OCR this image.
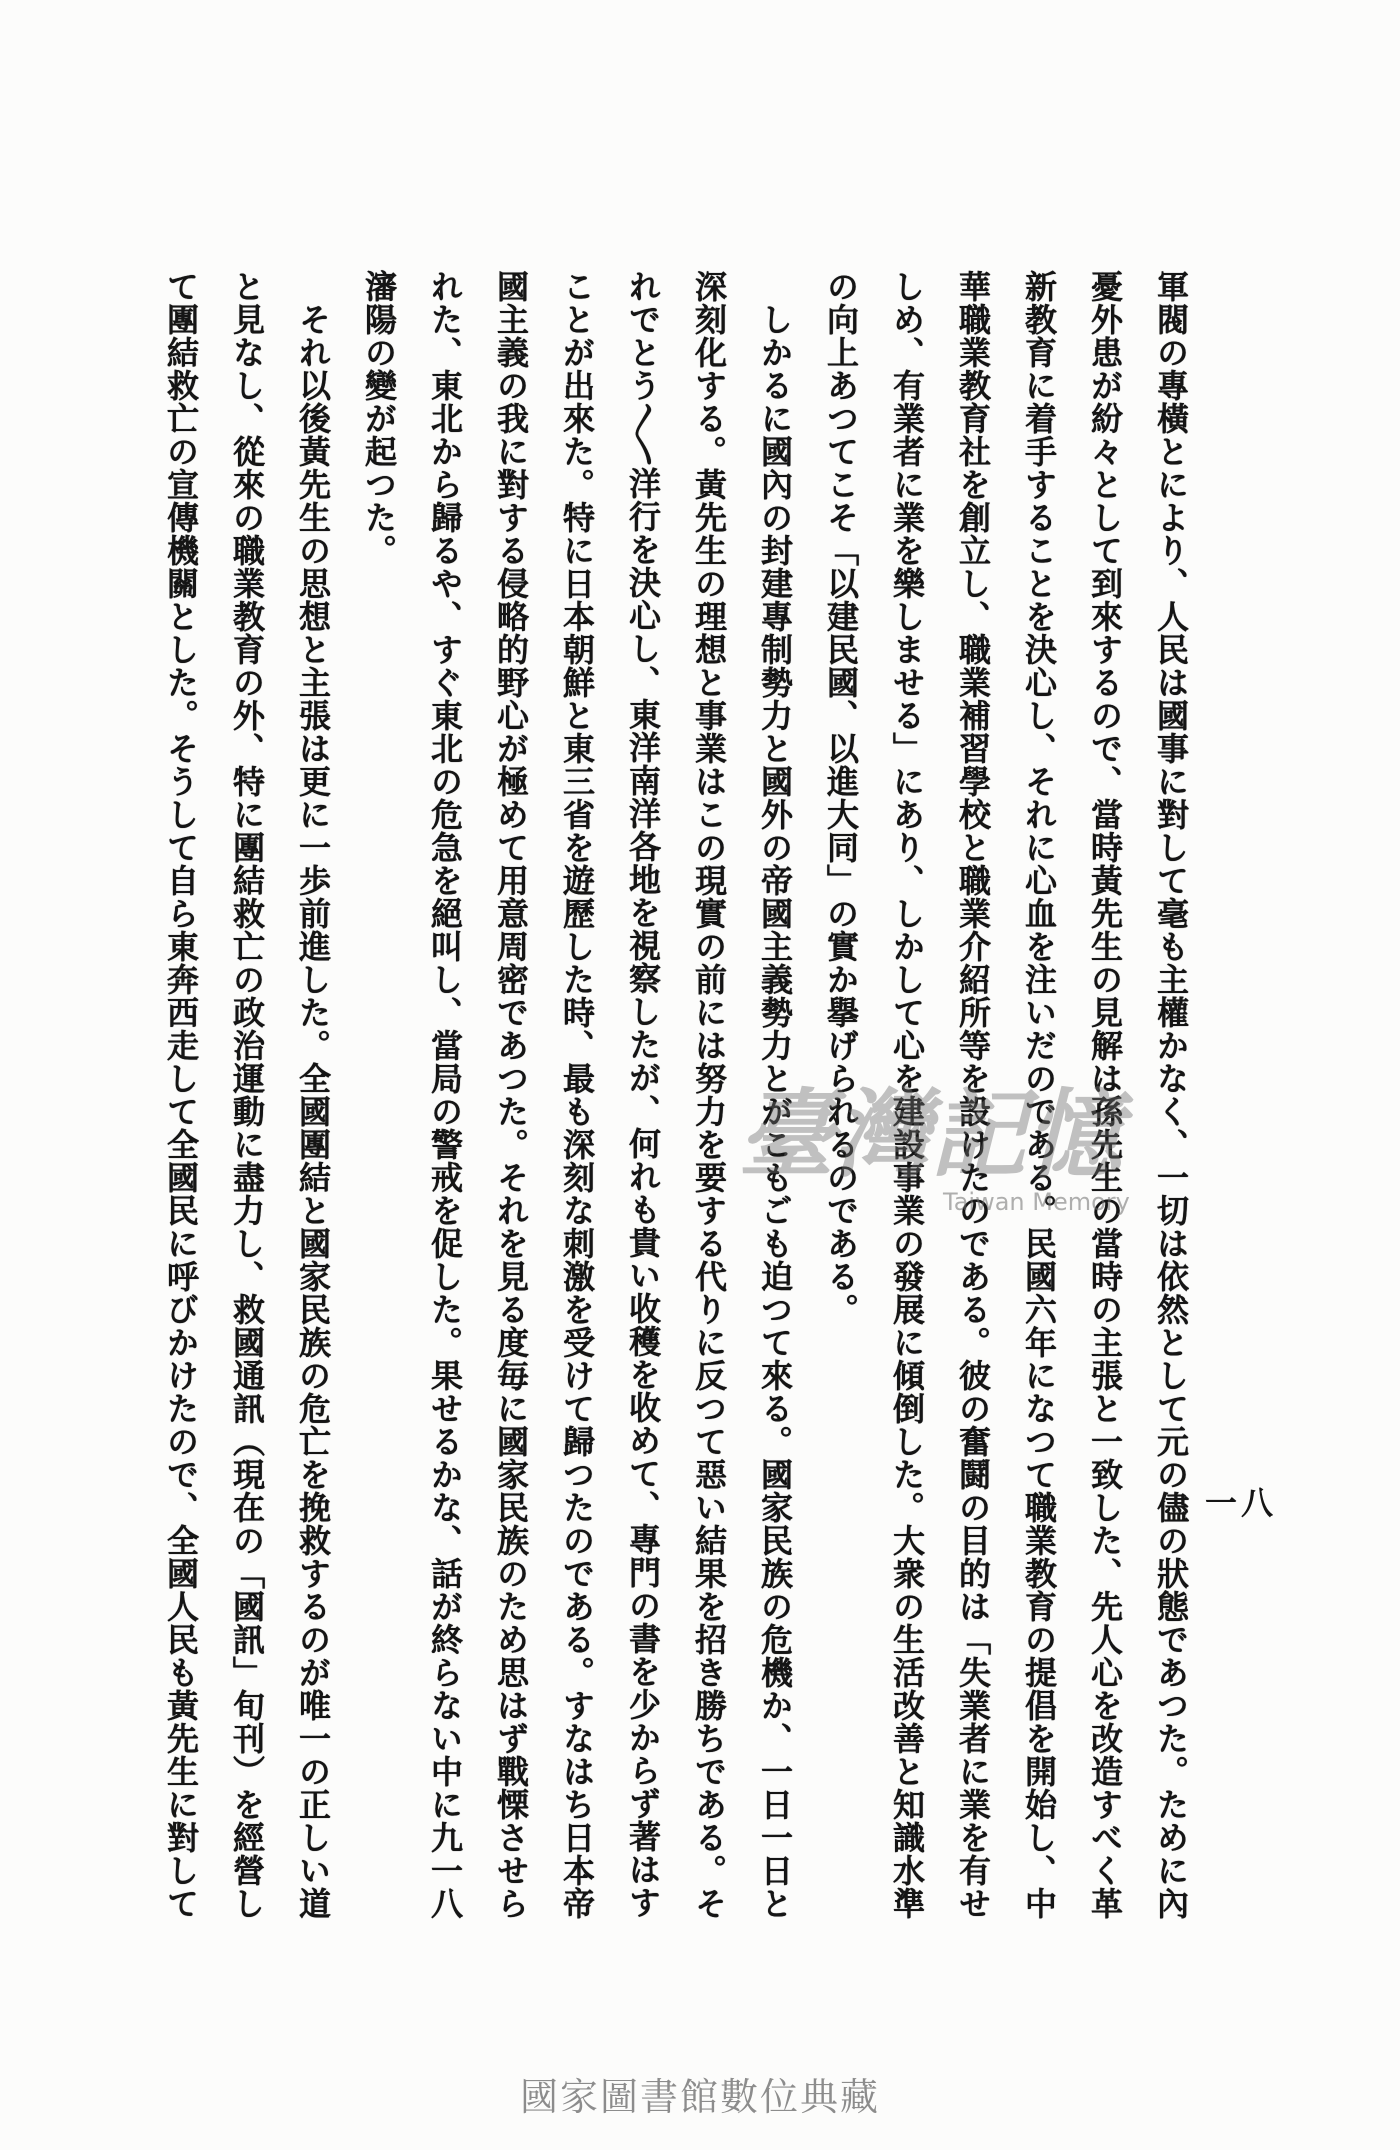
一八
軍閥の專橫とにより、人民は國事に對して毫も主權かなく、一切は依然として元の儘の狀態であつた。ために內
憂外患が紛々として到來するので、當時黃先生の見解は孫先生の當時の主張と一致した、先人心を改造すべく革
新教育に着手することを決心し、それに心血を注いだのである。民國六年になつて職業教育の提倡を開始し、中
華職業教育社を創立し、職業補習學校と職業介紹所等を設けたのである。彼の奮鬪の目的は「失業者に業を有せ
しめ、有業者に業を樂しませる」にあり、しかして心を建設事業の發展に傾倒した。大衆の生活改善と知識水準
の向上あつてこそ「以建民國、以進大同」の實か擧げられるのである。
しかるに國內の封建專制勢力と國外の帝國主義勢力とがこもごも迫つて來る。國家民族の危機か、一日一日と
深刻化する。黃先生の理想と事業はこの現實の前には努力を要する代りに反つて惡い結果を招き勝ちである。そ
れでとう〳〵洋行を決心し、東洋南洋各地を視察したが、何れも貴い收穫を收めて、專門の書を少からず著はす
ことが出來た。特に日本朝鮮と東三省を遊歷した時、最も深刻な刺激を受けて歸つたのである。すなはち日本帝
國主義の我に對する侵略的野心が極めて用意周密であつた。それを見る度毎に國家民族のため思はず戰慄させら
れた、東北から歸るや、すぐ東北の危急を絕叫し、當局の警戒を促した。果せるかな、話が終らない中に九一八
瀋陽の變が起つた。
それ以後黃先生の思想と主張は更に一歩前進した。全國團結と國家民族の危亡を挽救するのが唯一の正しい道
と見なし、從來の職業教育の外、特に團結救亡の政治運動に盡力し、救國通訊（現在の「國訊」旬刊）を經營し
て團結救亡の宣傳機關とした。そうして自ら東奔西走して全國民に呼びかけたので、全國人民も黃先生に對して	臺灣記憶
Taiwan Memory
國家圖書館數位典藏
